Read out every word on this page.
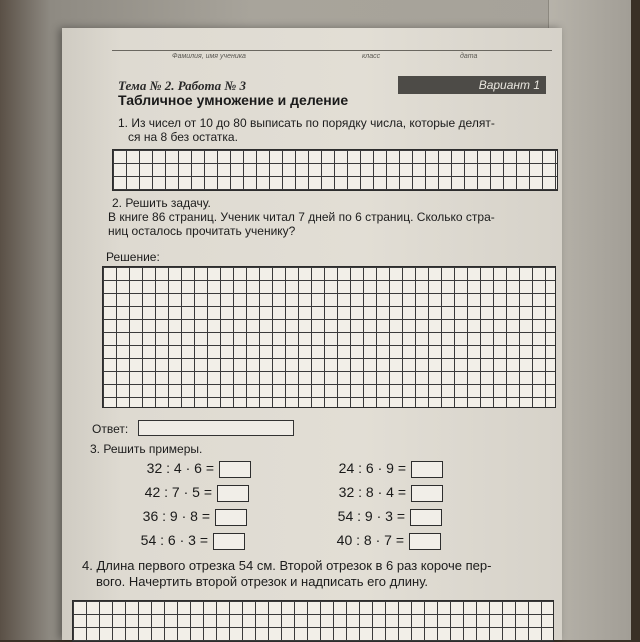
Фамилия, имя ученика	класс	дата
Тема № 2. Работа № 3
Табличное умножение и деление
Вариант 1
1. Из чисел от 10 до 80 выписать по порядку числа, которые делят-
ся на 8 без остатка.
2. Решить задачу.
В книге 86 страниц. Ученик читал 7 дней по 6 страниц. Сколько стра-
ниц осталось прочитать ученику?
Решение:
Ответ:
3. Решить примеры.
32 : 4 · 6 =
42 : 7 · 5 =
36 : 9 · 8 =
54 : 6 · 3 =
24 : 6 · 9 =
32 : 8 · 4 =
54 : 9 · 3 =
40 : 8 · 7 =
4. Длина первого отрезка 54 см. Второй отрезок в 6 раз короче пер-
вого. Начертить второй отрезок и надписать его длину.
